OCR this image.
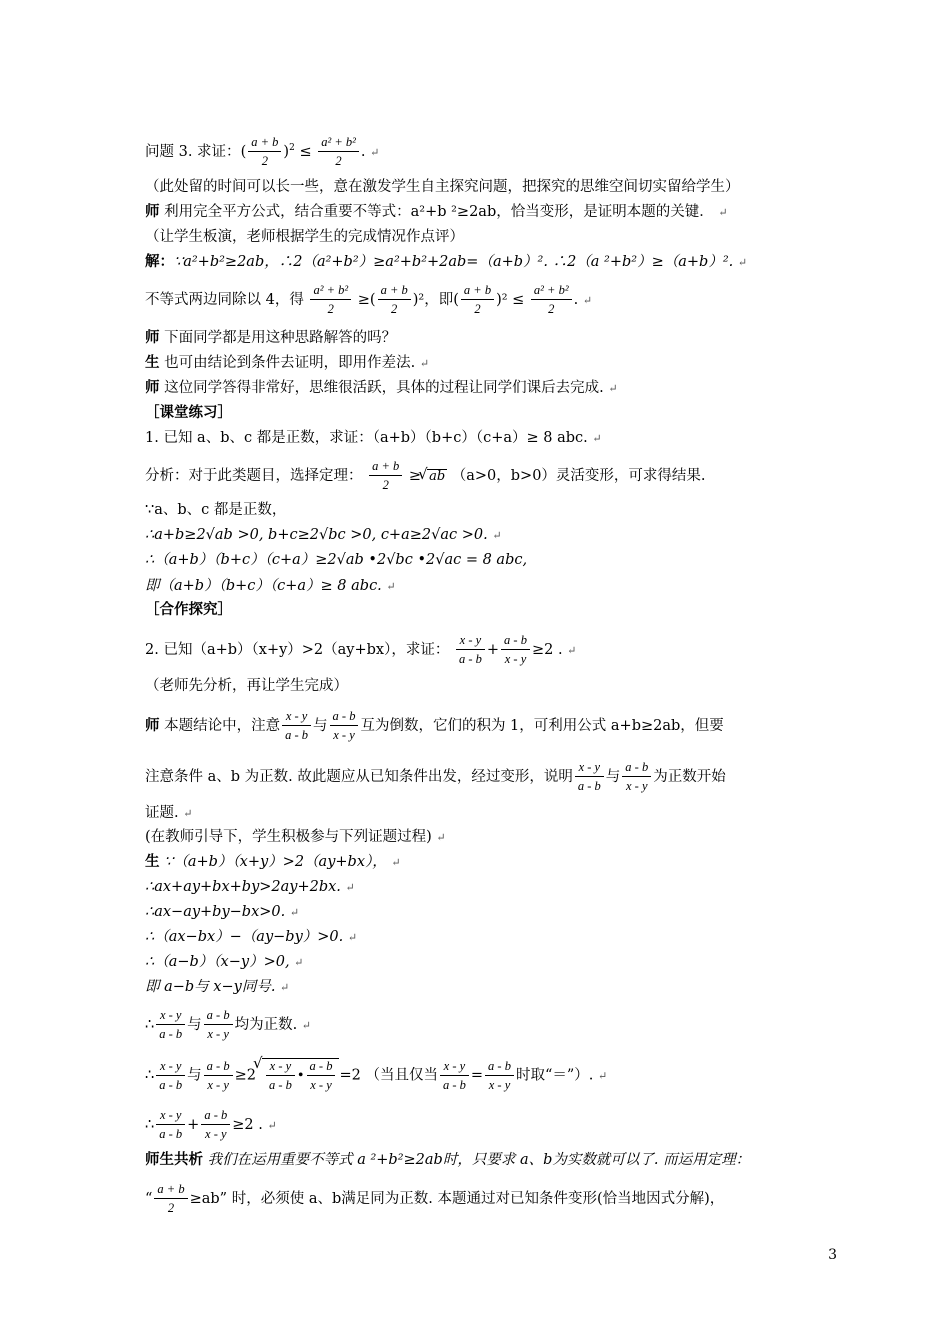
问题 3. 求证：( $\frac{a + b}{2} )^2 \le \frac{\text{a² + b²}}{2}$ . ↵
（此处留的时间可以长一些，意在激发学生自主探究问题，把探究的思维空间切实留给学生）
师 利用完全平方公式，结合重要不等式：a²+b ²≥2ab，恰当变形，是证明本题的关键． ↵
（让学生板演，老师根据学生的完成情况作点评）
解：∵a²+b²≥2ab，∴2（a²+b²）≥a²+b²+2ab=（a+b）². ∴2（a ²+b²）≥（a+b）². ↵
不等式两边同除以 4，得 $\frac{\text{a² + b²}}{2}$ ≥( $\frac{a + b}{2} )^2$，即( $\frac{a + b}{2} )^2 \le \frac{\text{a² + b²}}{2}$ . ↵
师 下面同学都是用这种思路解答的吗？
生 也可由结论到条件去证明，即用作差法. ↵
师 这位同学答得非常好，思维很活跃，具体的过程让同学们课后去完成. ↵
［课堂练习］
1. 已知 a、b、c 都是正数，求证：（a+b）（b+c）（c+a）≥ 8 abc. ↵
分析：对于此类题目，选择定理： $\frac{a + b}{2}$ ≥ √ ab （a>0，b>0）灵活变形，可求得结果.
∵a、b、c 都是正数，
∴a+b≥2√ab >0, b+c≥2√bc >0, c+a≥2√ac >0. ↵
∴（a+b）（b+c）（c+a）≥2√ab •2√bc •2√ac = 8 abc,
即（a+b）（b+c）（c+a）≥ 8 abc. ↵
［合作探究］
2. 已知（a+b）（x+y）>2（ay+bx），求证： $\frac{x - y}{a - b} + \frac{a - b}{x - y} \ge 2$ . ↵
（老师先分析，再让学生完成）
师 本题结论中，注意 $\frac{x - y}{a - b}$ 与 $\frac{a - b}{x - y}$ 互为倒数，它们的积为 1，可利用公式 a+b≥2ab，但要
注意条件 a、b 为正数. 故此题应从已知条件出发，经过变形，说明 $\frac{x - y}{a - b}$ 与 $\frac{a - b}{x - y}$ 为正数开始
证题. ↵
(在教师引导下，学生积极参与下列证题过程) ↵
生 ∵（a+b）（x+y）>2（ay+bx）， ↵
∴ax+ay+bx+by>2ay+2bx. ↵
∴ax−ay+by−bx>0. ↵
∴（ax−bx）−（ay−by）>0. ↵
∴（a−b）（x−y）>0, ↵
即 a−b与 x−y同号. ↵
∴ $\frac{x - y}{a - b}$ 与 $\frac{a - b}{x - y}$ 均为正数. ↵
∴ $\frac{x - y}{a - b}$ 与 $\frac{a - b}{x - y} \ge 2$ √ $\frac{x - y}{a - b}$ • $\frac{a - b}{x - y} =2$ （当且仅当 $\frac{x - y}{a - b} = \frac{a - b}{x - y}$ 时取“＝”）. ↵
∴ $\frac{x - y}{a - b} + \frac{a - b}{x - y} \ge 2$ . ↵
师生共析 我们在运用重要不等式 a ²+b²≥2ab时，只要求 a、b为实数就可以了. 而运用定理：
“ $\frac{a + b}{2} \ge ab$” 时，必须使 a、b满足同为正数. 本题通过对已知条件变形(恰当地因式分解)，
3
